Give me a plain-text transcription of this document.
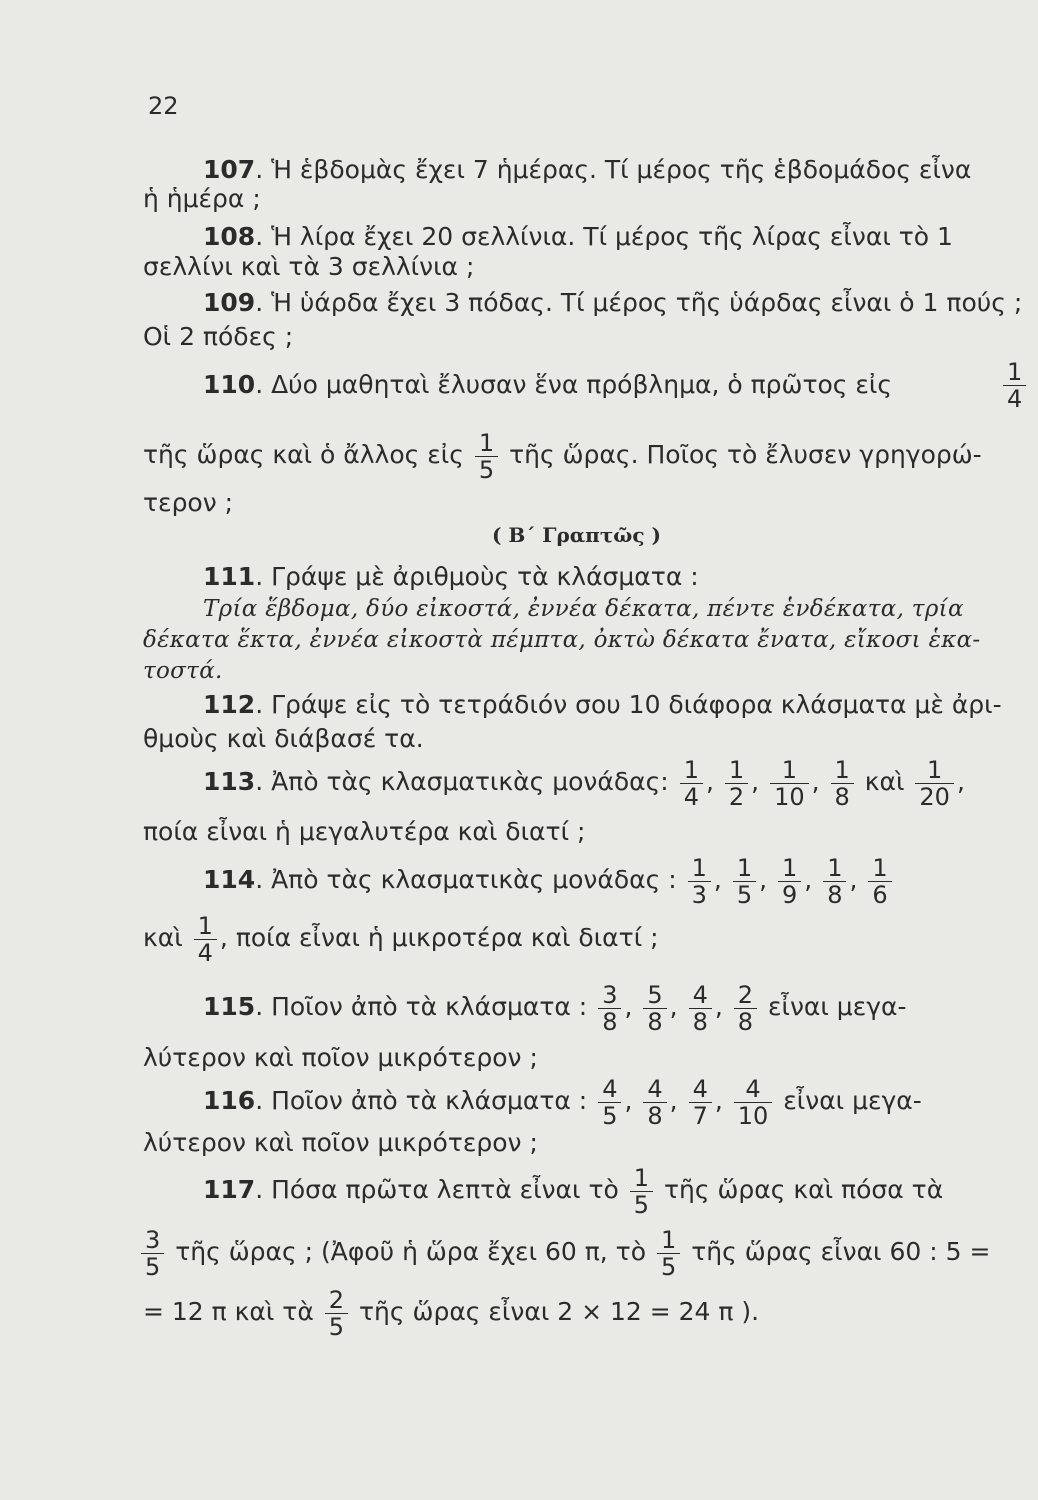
22
107. Ἡ ἑβδομὰς ἔχει 7 ἡμέρας. Τί μέρος τῆς ἑβδομάδος εἶνα
ἡ ἡμέρα ;
108. Ἡ λίρα ἔχει 20 σελλίνια. Τί μέρος τῆς λίρας εἶναι τὸ 1
σελλίνι καὶ τὰ 3 σελλίνια ;
109. Ἡ ὑάρδα ἔχει 3 πόδας. Τί μέρος τῆς ὑάρδας εἶναι ὁ 1 πούς ;
Οἱ 2 πόδες ;
110. Δύο μαθηταὶ ἔλυσαν ἕνα πρόβλημα, ὁ πρῶτος εἰς	$\frac{1}{4}$
τῆς ὥρας καὶ ὁ ἄλλος εἰς $\frac{1}{5}$ τῆς ὥρας. Ποῖος τὸ ἔλυσεν γρηγορώ-
τερον ;
( Β΄ Γραπτῶς )
111. Γράψε μὲ ἀριθμοὺς τὰ κλάσματα :
Τρία ἕβδομα, δύο εἰκοστά, ἐννέα δέκατα, πέντε ἑνδέκατα, τρία
δέκατα ἕκτα, ἐννέα εἰκοστὰ πέμπτα, ὀκτὼ δέκατα ἔνατα, εἴκοσι ἑκα-
τοστά.
112. Γράψε εἰς τὸ τετράδιόν σου 10 διάφορα κλάσματα μὲ ἀρι-
θμοὺς καὶ διάβασέ τα.
113. Ἀπὸ τὰς κλασματικὰς μονάδας: $\frac{1}{4}$ , $\frac{1}{2}$ , $\frac{1}{10}$ , $\frac{1}{8}$ καὶ $\frac{1}{20}$ ,
ποία εἶναι ἡ μεγαλυτέρα καὶ διατί ;
114. Ἀπὸ τὰς κλασματικὰς μονάδας : $\frac{1}{3}$ , $\frac{1}{5}$ , $\frac{1}{9}$ , $\frac{1}{8}$ , $\frac{1}{6}$
καὶ $\frac{1}{4}$ , ποία εἶναι ἡ μικροτέρα καὶ διατί ;
115. Ποῖον ἀπὸ τὰ κλάσματα : $\frac{3}{8}$ , $\frac{5}{8}$ , $\frac{4}{8}$ , $\frac{2}{8}$ εἶναι μεγα-
λύτερον καὶ ποῖον μικρότερον ;
116. Ποῖον ἀπὸ τὰ κλάσματα : $\frac{4}{5}$ , $\frac{4}{8}$ , $\frac{4}{7}$ , $\frac{4}{10}$ εἶναι μεγα-
λύτερον καὶ ποῖον μικρότερον ;
117. Πόσα πρῶτα λεπτὰ εἶναι τὸ $\frac{1}{5}$ τῆς ὥρας καὶ πόσα τὰ
$\frac{3}{5}$ τῆς ὥρας ; (Ἀφοῦ ἡ ὥρα ἔχει 60 π, τὸ $\frac{1}{5}$ τῆς ὥρας εἶναι 60 : 5 =
= 12 π καὶ τὰ $\frac{2}{5}$ τῆς ὥρας εἶναι 2 × 12 = 24 π ).
